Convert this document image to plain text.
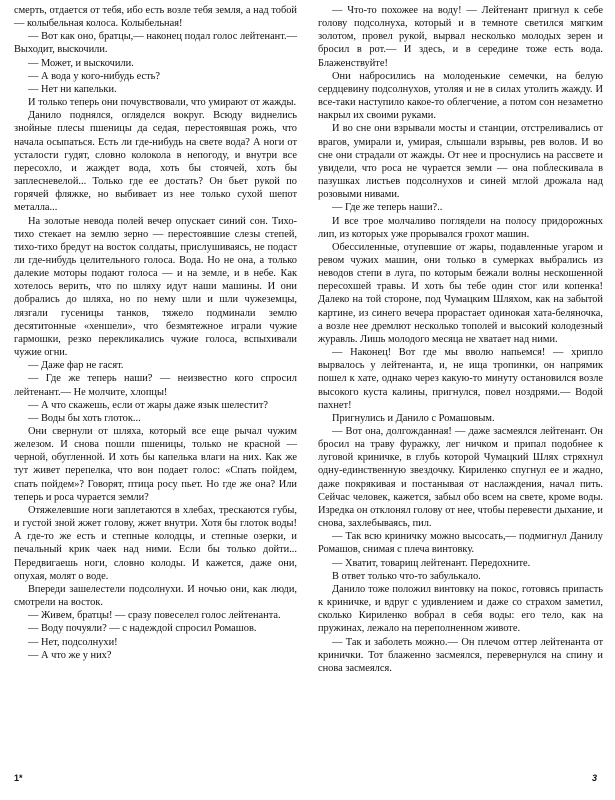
смерть, отдается от тебя, ибо есть возле тебя земля, а над тобой — колыбельная колоса. Колыбельная!

— Вот как оно, братцы,— наконец подал голос лейтенант.— Выходит, выскочили.

— Может, и выскочили.

— А вода у кого-нибудь есть?

— Нет ни капельки.

И только теперь они почувствовали, что умирают от жажды.

Данило поднялся, огляделся вокруг. Всюду виднелись знойные плесы пшеницы да седая, перестоявшая рожь, что начала осыпаться. Есть ли где-нибудь на свете вода? А ноги от усталости гудят, словно колокола в непогоду, и внутри все пересохло, и жаждет вода, хоть бы стоячей, хоть бы заплесневелой... Только где ее достать? Он бьет рукой по горячей фляжке, но выбивает из нее только сухой шепот металла...

На золотые невода полей вечер опускает синий сон. Тихо-тихо стекает на землю зерно — перестоявшие слезы степей, тихо-тихо бредут на восток солдаты, прислушиваясь, не подаст ли где-нибудь целительного голоса. Вода. Но не она, а только далекие моторы подают голоса — и на земле, и в небе. Как хотелось верить, что по шляху идут наши машины. И они добрались до шляха, но по нему шли и шли чужеземцы, лязгали гусеницы танков, тяжело подминали землю десятитонные «хеншели», что безмятежное играли чужие гармошки, резко перекликались чужие голоса, вспыхивали чужие огни.

— Даже фар не гасят.

— Где же теперь наши? — неизвестно кого спросил лейтенант.— Не молчите, хлопцы!

— А что скажешь, если от жары даже язык шелестит?

— Воды бы хоть глоток...

Они свернули от шляха, который все еще рычал чужим железом. И снова пошли пшеницы, только не красной — черной, обугленной. И хоть бы капелька влаги на них. Как же тут живет перепелка, что вон подает голос: «Спать пойдем, спать пойдем»? Говорят, птица росу пьет. Но где же она? Или теперь и роса чурается земли?

Отяжелевшие ноги заплетаются в хлебах, трескаются губы, и густой зной жжет голову, жжет внутри. Хотя бы глоток воды! А где-то же есть и степные колодцы, и степные озерки, и печальный крик чаек над ними. Если бы только дойти... Передвигаешь ноги, словно колоды. И кажется, даже они, опухая, молят о воде.

Впереди зашелестели подсолнухи. И ночью они, как люди, смотрели на восток.

— Живем, братцы! — сразу повеселел голос лейтенанта.

— Воду почуяли? — с надеждой спросил Ромашов.

— Нет, подсолнухи!

— А что же у них?

— Что-то похожее на воду! — Лейтенант пригнул к себе голову подсолнуха, который и в темноте светился мягким золотом, провел рукой, вырвал несколько молодых зерен и бросил в рот.— И здесь, и в середине тоже есть вода. Блаженствуйте!

Они набросились на молоденькие семечки, на белую сердцевину подсолнухов, утоляя и не в силах утолить жажду. И все-таки наступило какое-то облегчение, а потом сон незаметно накрыл их своими руками.

И во сне они взрывали мосты и станции, отстреливались от врагов, умирали и, умирая, слышали взрывы, рев волов. И во сне они страдали от жажды. От нее и проснулись на рассвете и увидели, что роса не чурается земли — она поблескивала в пазушках листьев подсолнухов и синей мглой дрожала над розовыми нивами.

— Где же теперь наши?..

И все трое молчаливо поглядели на полосу придорожных лип, из которых уже прорывался грохот машин.

Обессиленные, отупевшие от жары, подавленные угаром и ревом чужих машин, они только в сумерках выбрались из неводов степи в луга, по которым бежали волны нескошенной пересохшей травы. И хоть бы тебе один стог или копенка! Далеко на той стороне, под Чумацким Шляхом, как на забытой картине, из синего вечера прорастает одинокая хата-беляночка, а возле нее дремлют несколько тополей и высокий колодезный журавль. Лишь молодого месяца не хватает над ними.

— Наконец! Вот где мы вволю напьемся! — хрипло вырвалось у лейтенанта, и, не ища тропинки, он напрямик пошел к хате, однако через какую-то минуту остановился возле высокого куста калины, пригнулся, повел ноздрями.— Водой пахнет!

Пригнулись и Данило с Ромашовым.

— Вот она, долгожданная! — даже засмеялся лейтенант. Он бросил на траву фуражку, лег ничком и припал подобнее к луговой криничке, в глубь которой Чумацкий Шлях стряхнул одну-единственную звездочку. Кириленко спугнул ее и жадно, даже покрякивая и постанывая от наслаждения, начал пить. Сейчас человек, кажется, забыл обо всем на свете, кроме воды. Изредка он отклонял голову от нее, чтобы перевести дыхание, и снова, захлебываясь, пил.

— Так всю криничку можно высосать,— подмигнул Данилу Ромашов, снимая с плеча винтовку.

— Хватит, товарищ лейтенант. Передохните.

В ответ только что-то забулькало.

Данило тоже положил винтовку на покос, готовясь припасть к криничке, и вдруг с удивлением и даже со страхом заметил, сколько Кириленко вобрал в себя воды: его тело, как на пружинах, лежало на переполненном животе.

— Так и заболеть можно.— Он плечом оттер лейтенанта от кринички. Тот блаженно засмеялся, перевернулся на спину и снова засмеялся.

1*	3
